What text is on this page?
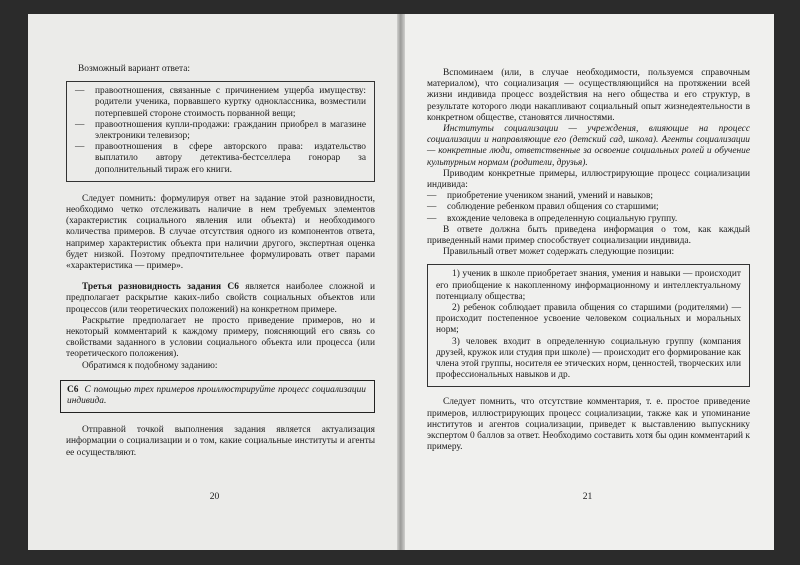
Возможный вариант ответа:

—	правоотношения, связанные с причинением ущерба имуществу: родители ученика, порвавшего куртку одноклассника, возместили потерпевшей стороне стоимость порванной вещи;
—	правоотношения купли-продажи: гражданин приобрел в магазине электроники телевизор;
—	правоотношения в сфере авторского права: издательство выплатило автору детектива-бестселлера гонорар за дополнительный тираж его книги.

Следует помнить: формулируя ответ на задание этой разновидности, необходимо четко отслеживать наличие в нем требуемых элементов (характеристик социального явления или объекта) и необходимого количества примеров. В случае отсутствия одного из компонентов ответа, например характеристик объекта при наличии другого, экспертная оценка будет низкой. Поэтому предпочтительнее формулировать ответ парами «характеристика — пример».

Третья разновидность задания С6 является наиболее сложной и предполагает раскрытие каких-либо свойств социальных объектов или процессов (или теоретических положений) на конкретном примере.

Раскрытие предполагает не просто приведение примеров, но и некоторый комментарий к каждому примеру, поясняющий его связь со свойствами заданного в условии социального объекта или процесса (или теоретического положения).

Обратимся к подобному заданию:

С6 С помощью трех примеров проиллюстрируйте процесс социализации индивида.

Отправной точкой выполнения задания является актуализация информации о социализации и о том, какие социальные институты и агенты ее осуществляют.

20

Вспоминаем (или, в случае необходимости, пользуемся справочным материалом), что социализация — осуществляющийся на протяжении всей жизни индивида процесс воздействия на него общества и его структур, в результате которого люди накапливают социальный опыт жизнедеятельности в конкретном обществе, становятся личностями.

Институты социализации — учреждения, влияющие на процесс социализации и направляющие его (детский сад, школа). Агенты социализации — конкретные люди, ответственные за освоение социальных ролей и обучение культурным нормам (родители, друзья).

Приводим конкретные примеры, иллюстрирующие процесс социализации индивида:

—	приобретение учеником знаний, умений и навыков;
—	соблюдение ребенком правил общения со старшими;
—	вхождение человека в определенную социальную группу.

В ответе должна быть приведена информация о том, как каждый приведенный нами пример способствует социализации индивида.

Правильный ответ может содержать следующие позиции:

1) ученик в школе приобретает знания, умения и навыки — происходит его приобщение к накопленному информационному и интеллектуальному потенциалу общества;

2) ребенок соблюдает правила общения со старшими (родителями) — происходит постепенное усвоение человеком социальных и моральных норм;

3) человек входит в определенную социальную группу (компания друзей, кружок или студия при школе) — происходит его формирование как члена этой группы, носителя ее этических норм, ценностей, творческих или профессиональных навыков и др.

Следует помнить, что отсутствие комментария, т. е. простое приведение примеров, иллюстрирующих процесс социализации, также как и упоминание институтов и агентов социализации, приведет к выставлению выпускнику экспертом 0 баллов за ответ. Необходимо составить хотя бы один комментарий к примеру.

21
